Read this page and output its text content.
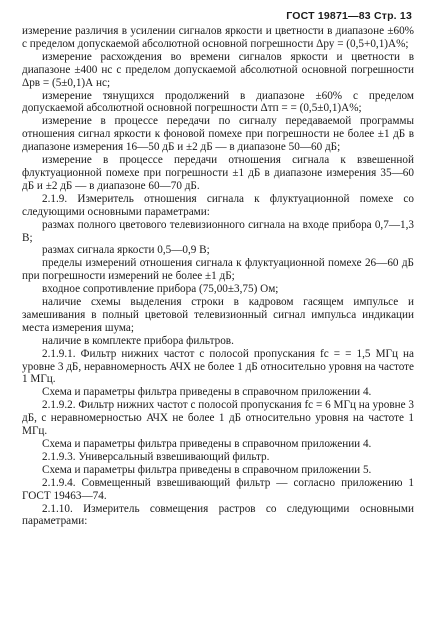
ГОСТ 19871—83 Стр. 13

измерение различия в усилении сигналов яркости и цветности в диапазоне ±60% с пределом допускаемой абсолютной основной погрешности Δру = (0,5+0,1)А%;

измерение расхождения во времени сигналов яркости и цветности в диапазоне ±400 нс с пределом допускаемой абсолютной основной погрешности Δрв = (5±0,1)А нс;

измерение тянущихся продолжений в диапазоне ±60% с пределом допускаемой абсолютной основной погрешности Δтп = = (0,5±0,1)А%;

измерение в процессе передачи по сигналу передаваемой программы отношения сигнал яркости к фоновой помехе при погрешности не более ±1 дБ в диапазоне измерения 16—50 дБ и ±2 дБ — в диапазоне 50—60 дБ;

измерение в процессе передачи отношения сигнала к взвешенной флуктуационной помехе при погрешности ±1 дБ в диапазоне измерения 35—60 дБ и ±2 дБ — в диапазоне 60—70 дБ.

2.1.9. Измеритель отношения сигнала к флуктуационной помехе со следующими основными параметрами:

размах полного цветового телевизионного сигнала на входе прибора 0,7—1,3 В;

размах сигнала яркости 0,5—0,9 В;

пределы измерений отношения сигнала к флуктуационной помехе 26—60 дБ при погрешности измерений не более ±1 дБ;

входное сопротивление прибора (75,00±3,75) Ом;

наличие схемы выделения строки в кадровом гасящем импульсе и замешивания в полный цветовой телевизионный сигнал импульса индикации места измерения шума;

наличие в комплекте прибора фильтров.

2.1.9.1. Фильтр нижних частот с полосой пропускания fс = = 1,5 МГц на уровне 3 дБ, неравномерность АЧХ не более 1 дБ относительно уровня на частоте 1 МГц.

Схема и параметры фильтра приведены в справочном приложении 4.

2.1.9.2. Фильтр нижних частот с полосой пропускания fс = 6 МГц на уровне 3 дБ, с неравномерностью АЧХ не более 1 дБ относительно уровня на частоте 1 МГц.

Схема и параметры фильтра приведены в справочном приложении 4.

2.1.9.3. Универсальный взвешивающий фильтр.

Схема и параметры фильтра приведены в справочном приложении 5.

2.1.9.4. Совмещенный взвешивающий фильтр — согласно приложению 1 ГОСТ 19463—74.

2.1.10. Измеритель совмещения растров со следующими основными параметрами:
